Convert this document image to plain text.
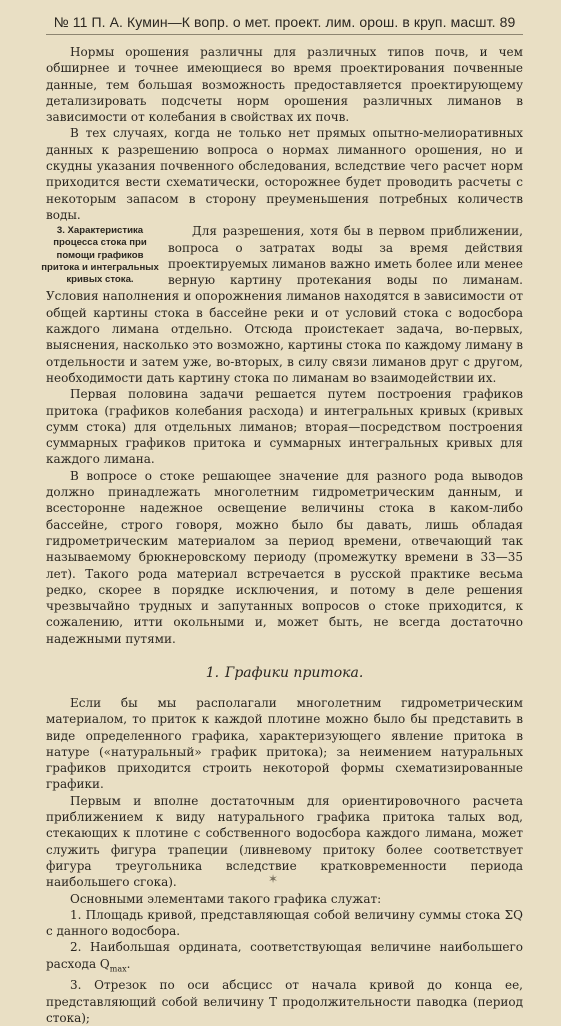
№ 11 П. А. Кумин—К вопр. о мет. проект. лим. орош. в круп. масшт. 89

Нормы орошения различны для различных типов почв, и чем обширнее и точнее имеющиеся во время проектирования почвенные данные, тем большая возможность предоставляется проектирующему детализировать подсчеты норм орошения различных лиманов в зависимости от колебания в свойствах их почв.

В тех случаях, когда не только нет прямых опытно-мелиоративных данных к разрешению вопроса о нормах лиманного орошения, но и скудны указания почвенного обследования, вследствие чего расчет норм приходится вести схематически, осторожнее будет проводить расчеты с некоторым запасом в сторону преуменьшения потребных количеств воды.

3. Характеристика процесса стока при помощи графиков притока и интегральных кривых стока.

Для разрешения, хотя бы в первом приближении, вопроса о затратах воды за время действия проектируемых лиманов важно иметь более или менее верную картину протекания воды по лиманам. Условия наполнения и опорожнения лиманов находятся в зависимости от общей картины стока в бассейне реки и от условий стока с водосбора каждого лимана отдельно. Отсюда проистекает задача, во-первых, выяснения, насколько это возможно, картины стока по каждому лиману в отдельности и затем уже, во-вторых, в силу связи лиманов друг с другом, необходимости дать картину стока по лиманам во взаимодействии их.

Первая половина задачи решается путем построения графиков притока (графиков колебания расхода) и интегральных кривых (кривых сумм стока) для отдельных лиманов; вторая—посредством построения суммарных графиков притока и суммарных интегральных кривых для каждого лимана.

В вопросе о стоке решающее значение для разного рода выводов должно принадлежать многолетним гидрометрическим данным, и всесторонне надежное освещение величины стока в каком-либо бассейне, строго говоря, можно было бы давать, лишь обладая гидрометрическим материалом за период времени, отвечающий так называемому брюкнеровскому периоду (промежутку времени в 33—35 лет). Такого рода материал встречается в русской практике весьма редко, скорее в порядке исключения, и потому в деле решения чрезвычайно трудных и запутанных вопросов о стоке приходится, к сожалению, итти окольными и, может быть, не всегда достаточно надежными путями.

1. Графики притока.

Если бы мы располагали многолетним гидрометрическим материалом, то приток к каждой плотине можно было бы представить в виде определенного графика, характеризующего явление притока в натуре («натуральный» график притока); за неимением натуральных графиков приходится строить некоторой формы схематизированные графики.

Первым и вполне достаточным для ориентировочного расчета приближением к виду натурального графика притока талых вод, стекающих к плотине с собственного водосбора каждого лимана, может служить фигура трапеции (ливневому притоку более соответствует фигура треугольника вследствие кратковременности периода наибольшего сгока).

Основными элементами такого графика служат:

1. Площадь кривой, представляющая собой величину суммы стока ΣQ с данного водосбора.

2. Наибольшая ордината, соответствующая величине наибольшего расхода $Q_{max}$.

3. Отрезок по оси абсцисс от начала кривой до конца ее, представляющий собой величину T продолжительности паводка (период стока);

✶
